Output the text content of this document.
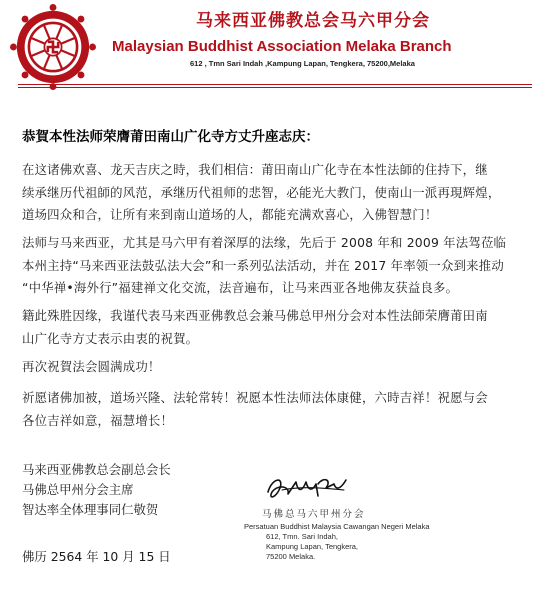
马来西亚佛教总会马六甲分会
Malaysian Buddhist Association Melaka Branch
612 , Tmn Sari Indah ,Kampung Lapan, Tengkera, 75200,Melaka
恭賀本性法师荣膺莆田南山广化寺方丈升座志庆：
在这诸佛欢喜、龙天吉庆之時，我们相信：莆田南山广化寺在本性法師的住持下，继
续承继历代祖師的风范，承继历代祖师的悲智，必能光大教门，使南山一派再現辉煌，
道场四众和合，让所有来到南山道场的人，都能充满欢喜心，入佛智慧门！
法师与马来西亚，尤其是马六甲有着深厚的法缘，先后于 2008 年和 2009 年法驾莅临
本州主持“马来西亚法鼓弘法大会”和一系列弘法活动，并在 2017 年率领一众到来推动
“中华禅•海外行”福建禅文化交流，法音遍布，让马来西亚各地佛友获益良多。
籍此殊胜因缘，我谨代表马来西亚佛教总会兼马佛总甲州分会对本性法師荣膺莆田南
山广化寺方丈表示由衷的祝賀。
再次祝賀法会圆满成功！
祈愿诸佛加被，道场兴隆、法轮常转！祝愿本性法师法体康健，六時吉祥！祝愿与会
各位吉祥如意，福慧增长！
马来西亚佛教总会副总会长
马佛总甲州分会主席
智达率全体理事同仁敬贺	马佛总马六甲州分会
Persatuan Buddhist Malaysia Cawangan Negeri Melaka
612, Tmn. Sari Indah,
Kampung Lapan, Tengkera,
75200 Melaka.
佛历 2564 年 10 月 15 日
